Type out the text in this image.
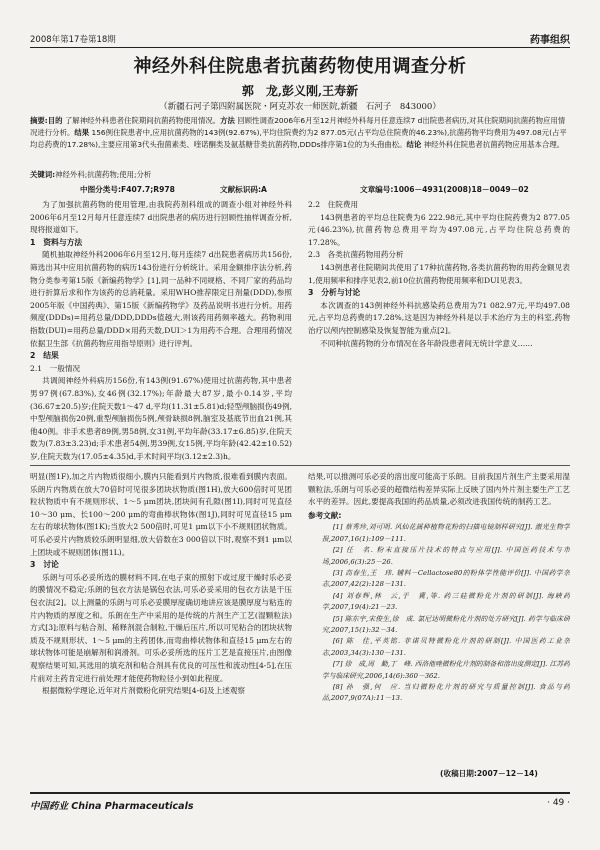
2008年第17卷第18期	药事组织
神经外科住院患者抗菌药物使用调查分析
郭　龙,彭义刚,王寿新
（新疆石河子第四附属医院・阿克苏农一师医院,新疆　石河子　843000）
摘要:目的 了解神经外科患者住院期间抗菌药物使用情况。方法 回顾性调查2006年6月至12月神经外科每月任意连续7 d出院患者病历,对其住院期间抗菌药物应用情况进行分析。结果 156例住院患者中,应用抗菌药物的143例(92.67%),平均住院费约为2 877.05元(占平均总住院费的46.23%),抗菌药物平均费用为497.08元(占平均总药费的17.28%),主要应用第3代头孢菌素类、喹诺酮类及氨基糖苷类抗菌药物,DDDs排序第1位的为头孢曲松。结论 神经外科住院患者抗菌药物应用基本合理。
关键词:神经外科;抗菌药物;使用;分析
中图分类号:F407.7;R978	文献标识码:A	文章编号:1006－4931(2008)18－0049－02

为了加强抗菌药物的使用管理,由我院药剂科组成的调查小组对神经外科2006年6月至12月每月任意连续7 d出院患者的病历进行回顾性抽样调查分析,现将报道如下。

1　资料与方法

随机抽取神经外科2006年6月至12月,每月连续7 d出院患者病历共156份,筛选出其中应用抗菌药物的病历143份进行分析统计。采用金额排序法分析,药物分类参考第15版《新编药物学》[1],同一品种不同规格、不同厂家的药品均进行折算后求和作为该药的总消耗量。采用WHO推荐限定日剂量(DDD),参照2005年版《中国药典》、第15版《新编药物学》及药品说明书进行分析。用药频度(DDDs)=用药总量/DDD,DDDs值越大,则该药用药频率越大。药物利用指数(DUI)=用药总量/DDD×用药天数,DUI＞1为用药不合理。合理用药情况依据卫生部《抗菌药物应用指导原则》进行评判。

2　结果

2.1　一般情况

共调阅神经外科病历156份,有143例(91.67%)使用过抗菌药物,其中患者男97例(67.83%),女46例(32.17%);年龄最大87岁,最小0.14岁,平均(36.67±20.5)岁;住院天数1～47 d,平均(11.31±5.81)d;轻型颅脑损伤49例,中型颅脑损伤20例,重型颅脑损伤5例,颅骨缺损8例,脑室及基底节出血21例,其他40例。非手术患者89例,男58例,女31例,平均年龄(33.17±6.85)岁,住院天数为(7.83±3.23)d;手术患者54例,男39例,女15例,平均年龄(42.42±10.52)岁,住院天数为(17.05±4.35)d,手术时间平均(3.12±2.3)h。

2.2　住院费用

143例患者的平均总住院费为6 222.98元,其中平均住院药费为2 877.05元(46.23%),抗菌药物总费用平均为497.08元,占平均住院总药费的17.28%。

2.3　各类抗菌药物用药分析

143例患者住院期间共使用了17种抗菌药物,各类抗菌药物的用药金额见表1,使用频率和排序见表2,前10位抗菌药物使用频率和DUI见表3。

3　分析与讨论

本次调查的143例神经外科抗感染药总费用为71 082.97元,平均497.08元,占平均总药费的17.28%,这是因为神经外科是以手术治疗为主的科室,药物治疗以颅内控制感染及恢复智能为重点[2]。

不同种抗菌药物的分布情况在各年龄段患者间无统计学意义……

明显(图1F),加之片内物质很细小,膜内只能看到片内物质,很难看到膜内表面。乐朗片内物质在放大70倍时可见很多团块状物质(图1H),放大600倍时可见团粒状物质中有不规则形状、1～5 μm团块,团块间有孔隙(图1I),同时可见直径10～30 μm、长100～200 μm的弯曲棒状物体(图1J),同时可见直径15 μm左右的球状物体(图1K);当放大2 500倍时,可见1 μm以下小不规则团状物质。可乐必妥片内物质较乐朗明显细,放大倍数在3 000倍以下时,观察不到1 μm以上团块或不规则团体(图1L)。

3　讨论

乐朗与可乐必妥所选的膜材料不同,在电子束的照射下或过度干燥时乐必妥的膜情况不稳定;乐朗的包衣方法是锅包衣法,可乐必妥采用的包衣方法是干压包衣法[2]。以上测量的乐朗与可乐必妥膜厚度确切地讲应该是膜厚度与粘连的片内物质的厚度之和。乐朗在生产中采用的是传统的片剂生产工艺(湿颗粒法)方式[3];原料与粘合剂、稀释剂混合制粒,干燥后压片,所以可见粘合的团块状物质及不规则形状、1～5 μm的主药团体,而弯曲棒状物体和直径15 μm左右的球状物体可能是崩解剂和润滑剂。可乐必妥所选的压片工艺是直接压片,由图像观察结果可知,其选用的填充剂和粘合剂具有优良的可压性和流动性[4-5],在压片前对主药肯定进行前处理才能使药物粒径小到如此程度。

根据微粉学理论,近年对片剂微粉化研究结果[4-6]及上述观察

结果,可以推测可乐必妥的溶出度可能高于乐朗。目前我国片剂生产主要采用湿颗粒法,乐朗与可乐必妥的超微结构差异实际上反映了国内外片剂主要生产工艺水平的差异。因此,要提高我国的药品质量,必须改进我国传统的制药工艺。

参考文献:

[1] 蔡秀珍,刘可明. 风仙花属种植物花粉的扫描电镜制样研究[J]. 激光生物学报,2007,16(1):109－111.

[2] 任　名. 粉末直接压片技术的特点与应用[J]. 中国医药技术与市场,2006,6(3):25－26.

[3] 高春生,王　玮. 辅料－Cellactose80的粉体学性能评价[J]. 中国药学杂志,2007,42(2):128－131.

[4] 刘春辉,林　云,于　冀,等. 药三硅微粉化片剂的研制[J]. 海峡药学,2007,19(4):21－23.

[5] 陈东宇,宋俊生,徐　成. 氯尼达明微粉化片剂的处方研究[J]. 药学与临床研究,2007,15(1):32－34.

[6] 陈　佳,平英铭. 非诺贝特微粉化片剂的研制[J]. 中国医药工业杂志,2003,34(3):130－131.

[7] 徐　成,周　勤,丁　峰. 西洛他唑微粉化片剂的制备和溶出度测定[J]. 江苏药学与临床研究,2006,14(6):360－362.

[8] 孙　强,何　应. 当归微粉化片剂的研究与质量控制[J]. 食品与药品,2007,9(07A):11－13.

(收稿日期:2007－12－14)
中国药业 China Pharmaceuticals	· 49 ·
